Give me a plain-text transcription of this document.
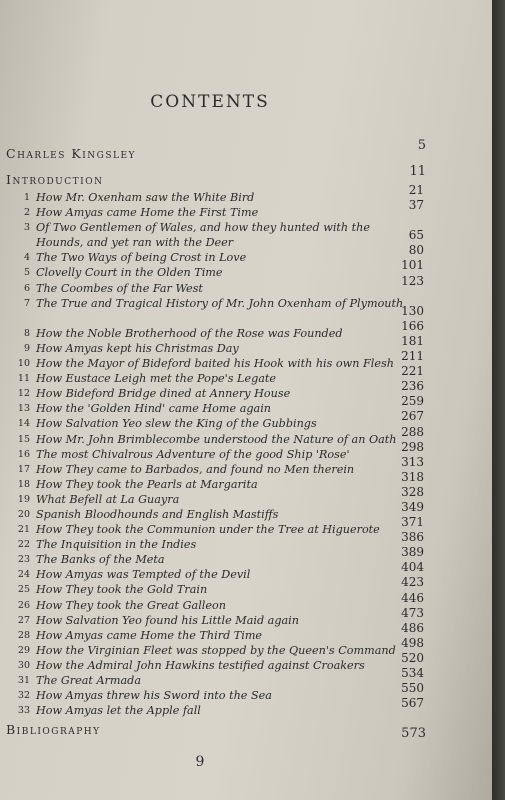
CONTENTS
Charles Kingsley
5
Introduction
11
1 How Mr. Oxenham saw the White Bird
21
2 How Amyas came Home the First Time
37
3 Of Two Gentlemen of Wales, and how they hunted with the Hounds, and yet ran with the Deer
65
4 The Two Ways of being Crost in Love
80
5 Clovelly Court in the Olden Time
101
6 The Coombes of the Far West
123
7 The True and Tragical History of Mr. John Oxenham of Plymouth
130
8 How the Noble Brotherhood of the Rose was Founded
166
9 How Amyas kept his Christmas Day
181
10 How the Mayor of Bideford baited his Hook with his own Flesh
211
11 How Eustace Leigh met the Pope's Legate
221
12 How Bideford Bridge dined at Annery House
236
13 How the 'Golden Hind' came Home again
259
14 How Salvation Yeo slew the King of the Gubbings
267
15 How Mr. John Brimblecombe understood the Nature of an Oath
288
16 The most Chivalrous Adventure of the good Ship 'Rose'
298
17 How They came to Barbados, and found no Men therein
313
18 How They took the Pearls at Margarita
318
19 What Befell at La Guayra
328
20 Spanish Bloodhounds and English Mastiffs
349
21 How They took the Communion under the Tree at Higuerote
371
22 The Inquisition in the Indies
386
23 The Banks of the Meta
389
24 How Amyas was Tempted of the Devil
404
25 How They took the Gold Train
423
26 How They took the Great Galleon
446
27 How Salvation Yeo found his Little Maid again
473
28 How Amyas came Home the Third Time
486
29 How the Virginian Fleet was stopped by the Queen's Command
498
30 How the Admiral John Hawkins testified against Croakers
520
31 The Great Armada
534
32 How Amyas threw his Sword into the Sea
550
33 How Amyas let the Apple fall
567
Bibliography	573
9
